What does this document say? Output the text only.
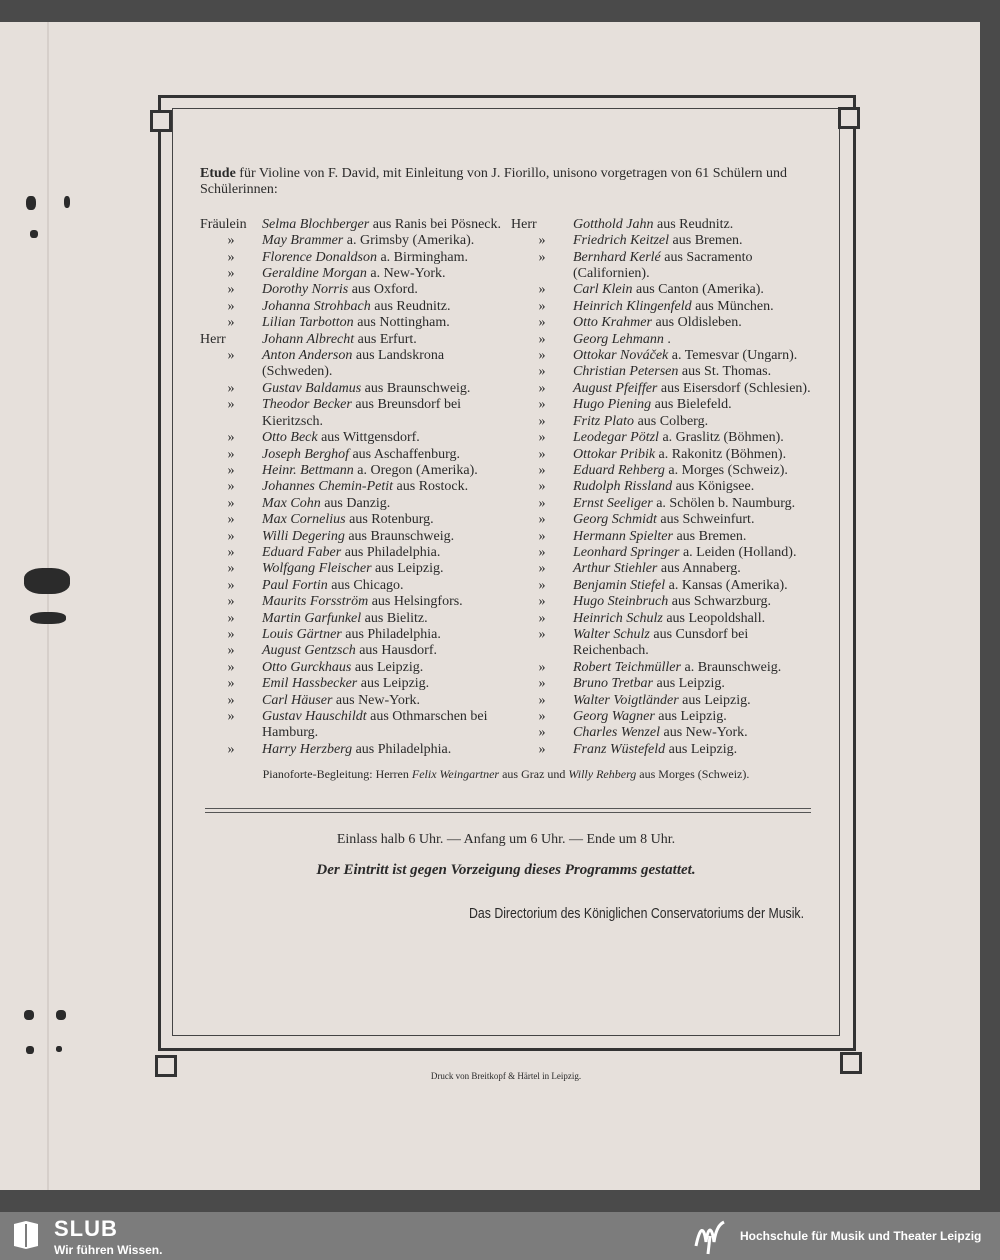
Etude für Violine von F. David, mit Einleitung von J. Fiorillo, unisono vorgetragen von 61 Schülern und Schülerinnen:

Fräulein	Selma Blochberger aus Ranis bei Pösneck.
»	May Brammer a. Grimsby (Amerika).
»	Florence Donaldson a. Birmingham.
»	Geraldine Morgan a. New-York.
»	Dorothy Norris aus Oxford.
»	Johanna Strohbach aus Reudnitz.
»	Lilian Tarbotton aus Nottingham.
Herr	Johann Albrecht aus Erfurt.
»	Anton Anderson aus Landskrona (Schweden).
»	Gustav Baldamus aus Braunschweig.
»	Theodor Becker aus Breunsdorf bei Kieritzsch.
»	Otto Beck aus Wittgensdorf.
»	Joseph Berghof aus Aschaffenburg.
»	Heinr. Bettmann a. Oregon (Amerika).
»	Johannes Chemin-Petit aus Rostock.
»	Max Cohn aus Danzig.
»	Max Cornelius aus Rotenburg.
»	Willi Degering aus Braunschweig.
»	Eduard Faber aus Philadelphia.
»	Wolfgang Fleischer aus Leipzig.
»	Paul Fortin aus Chicago.
»	Maurits Forsström aus Helsingfors.
»	Martin Garfunkel aus Bielitz.
»	Louis Gärtner aus Philadelphia.
»	August Gentzsch aus Hausdorf.
»	Otto Gurckhaus aus Leipzig.
»	Emil Hassbecker aus Leipzig.
»	Carl Häuser aus New-York.
»	Gustav Hauschildt aus Othmarschen bei Hamburg.
»	Harry Herzberg aus Philadelphia.
Herr	Gotthold Jahn aus Reudnitz.
»	Friedrich Keitzel aus Bremen.
»	Bernhard Kerlé aus Sacramento (Californien).
»	Carl Klein aus Canton (Amerika).
»	Heinrich Klingenfeld aus München.
»	Otto Krahmer aus Oldisleben.
»	Georg Lehmann .
»	Ottokar Nováček a. Temesvar (Ungarn).
»	Christian Petersen aus St. Thomas.
»	August Pfeiffer aus Eisersdorf (Schlesien).
»	Hugo Piening aus Bielefeld.
»	Fritz Plato aus Colberg.
»	Leodegar Pötzl a. Graslitz (Böhmen).
»	Ottokar Pribik a. Rakonitz (Böhmen).
»	Eduard Rehberg a. Morges (Schweiz).
»	Rudolph Rissland aus Königsee.
»	Ernst Seeliger a. Schölen b. Naumburg.
»	Georg Schmidt aus Schweinfurt.
»	Hermann Spielter aus Bremen.
»	Leonhard Springer a. Leiden (Holland).
»	Arthur Stiehler aus Annaberg.
»	Benjamin Stiefel a. Kansas (Amerika).
»	Hugo Steinbruch aus Schwarzburg.
»	Heinrich Schulz aus Leopoldshall.
»	Walter Schulz aus Cunsdorf bei Reichenbach.
»	Robert Teichmüller a. Braunschweig.
»	Bruno Tretbar aus Leipzig.
»	Walter Voigtländer aus Leipzig.
»	Georg Wagner aus Leipzig.
»	Charles Wenzel aus New-York.
»	Franz Wüstefeld aus Leipzig.
Pianoforte-Begleitung: Herren Felix Weingartner aus Graz und Willy Rehberg aus Morges (Schweiz).
Einlass halb 6 Uhr. — Anfang um 6 Uhr. — Ende um 8 Uhr.
Der Eintritt ist gegen Vorzeigung dieses Programms gestattet.
Das Directorium des Königlichen Conservatoriums der Musik.
Druck von Breitkopf & Härtel in Leipzig.
SLUB
Wir führen Wissen.
Hochschule für Musik und Theater Leipzig
